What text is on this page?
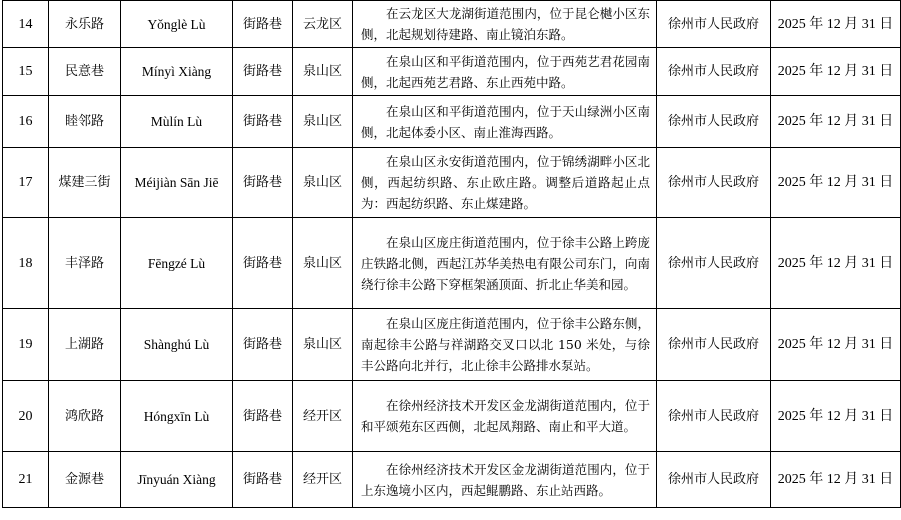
14	永乐路	Yǒnglè Lù	街路巷	云龙区	在云龙区大龙湖街道范围内，位于昆仑樾小区东侧，北起规划待建路、南止镜泊东路。	徐州市人民政府	2025 年 12 月 31 日
15	民意巷	Mínyì Xiàng	街路巷	泉山区	在泉山区和平街道范围内，位于西苑艺君花园南侧，北起西苑艺君路、东止西苑中路。	徐州市人民政府	2025 年 12 月 31 日
16	睦邻路	Mùlín Lù	街路巷	泉山区	在泉山区和平街道范围内，位于天山绿洲小区南侧，北起体委小区、南止淮海西路。	徐州市人民政府	2025 年 12 月 31 日
17	煤建三街	Méijiàn Sān Jiē	街路巷	泉山区	在泉山区永安街道范围内，位于锦绣湖畔小区北侧，西起纺织路、东止欧庄路。调整后道路起止点为：西起纺织路、东止煤建路。	徐州市人民政府	2025 年 12 月 31 日
18	丰泽路	Fēngzé Lù	街路巷	泉山区	在泉山区庞庄街道范围内，位于徐丰公路上跨庞庄铁路北侧，西起江苏华美热电有限公司东门，向南绕行徐丰公路下穿框架涵顶面、折北止华美和园。	徐州市人民政府	2025 年 12 月 31 日
19	上湖路	Shànghú Lù	街路巷	泉山区	在泉山区庞庄街道范围内，位于徐丰公路东侧，南起徐丰公路与祥湖路交叉口以北 150 米处，与徐丰公路向北并行，北止徐丰公路排水泵站。	徐州市人民政府	2025 年 12 月 31 日
20	鸿欣路	Hóngxīn Lù	街路巷	经开区	在徐州经济技术开发区金龙湖街道范围内，位于和平颂苑东区西侧，北起凤翔路、南止和平大道。	徐州市人民政府	2025 年 12 月 31 日
21	金源巷	Jīnyuán Xiàng	街路巷	经开区	在徐州经济技术开发区金龙湖街道范围内，位于上东逸境小区内，西起鲲鹏路、东止站西路。	徐州市人民政府	2025 年 12 月 31 日
